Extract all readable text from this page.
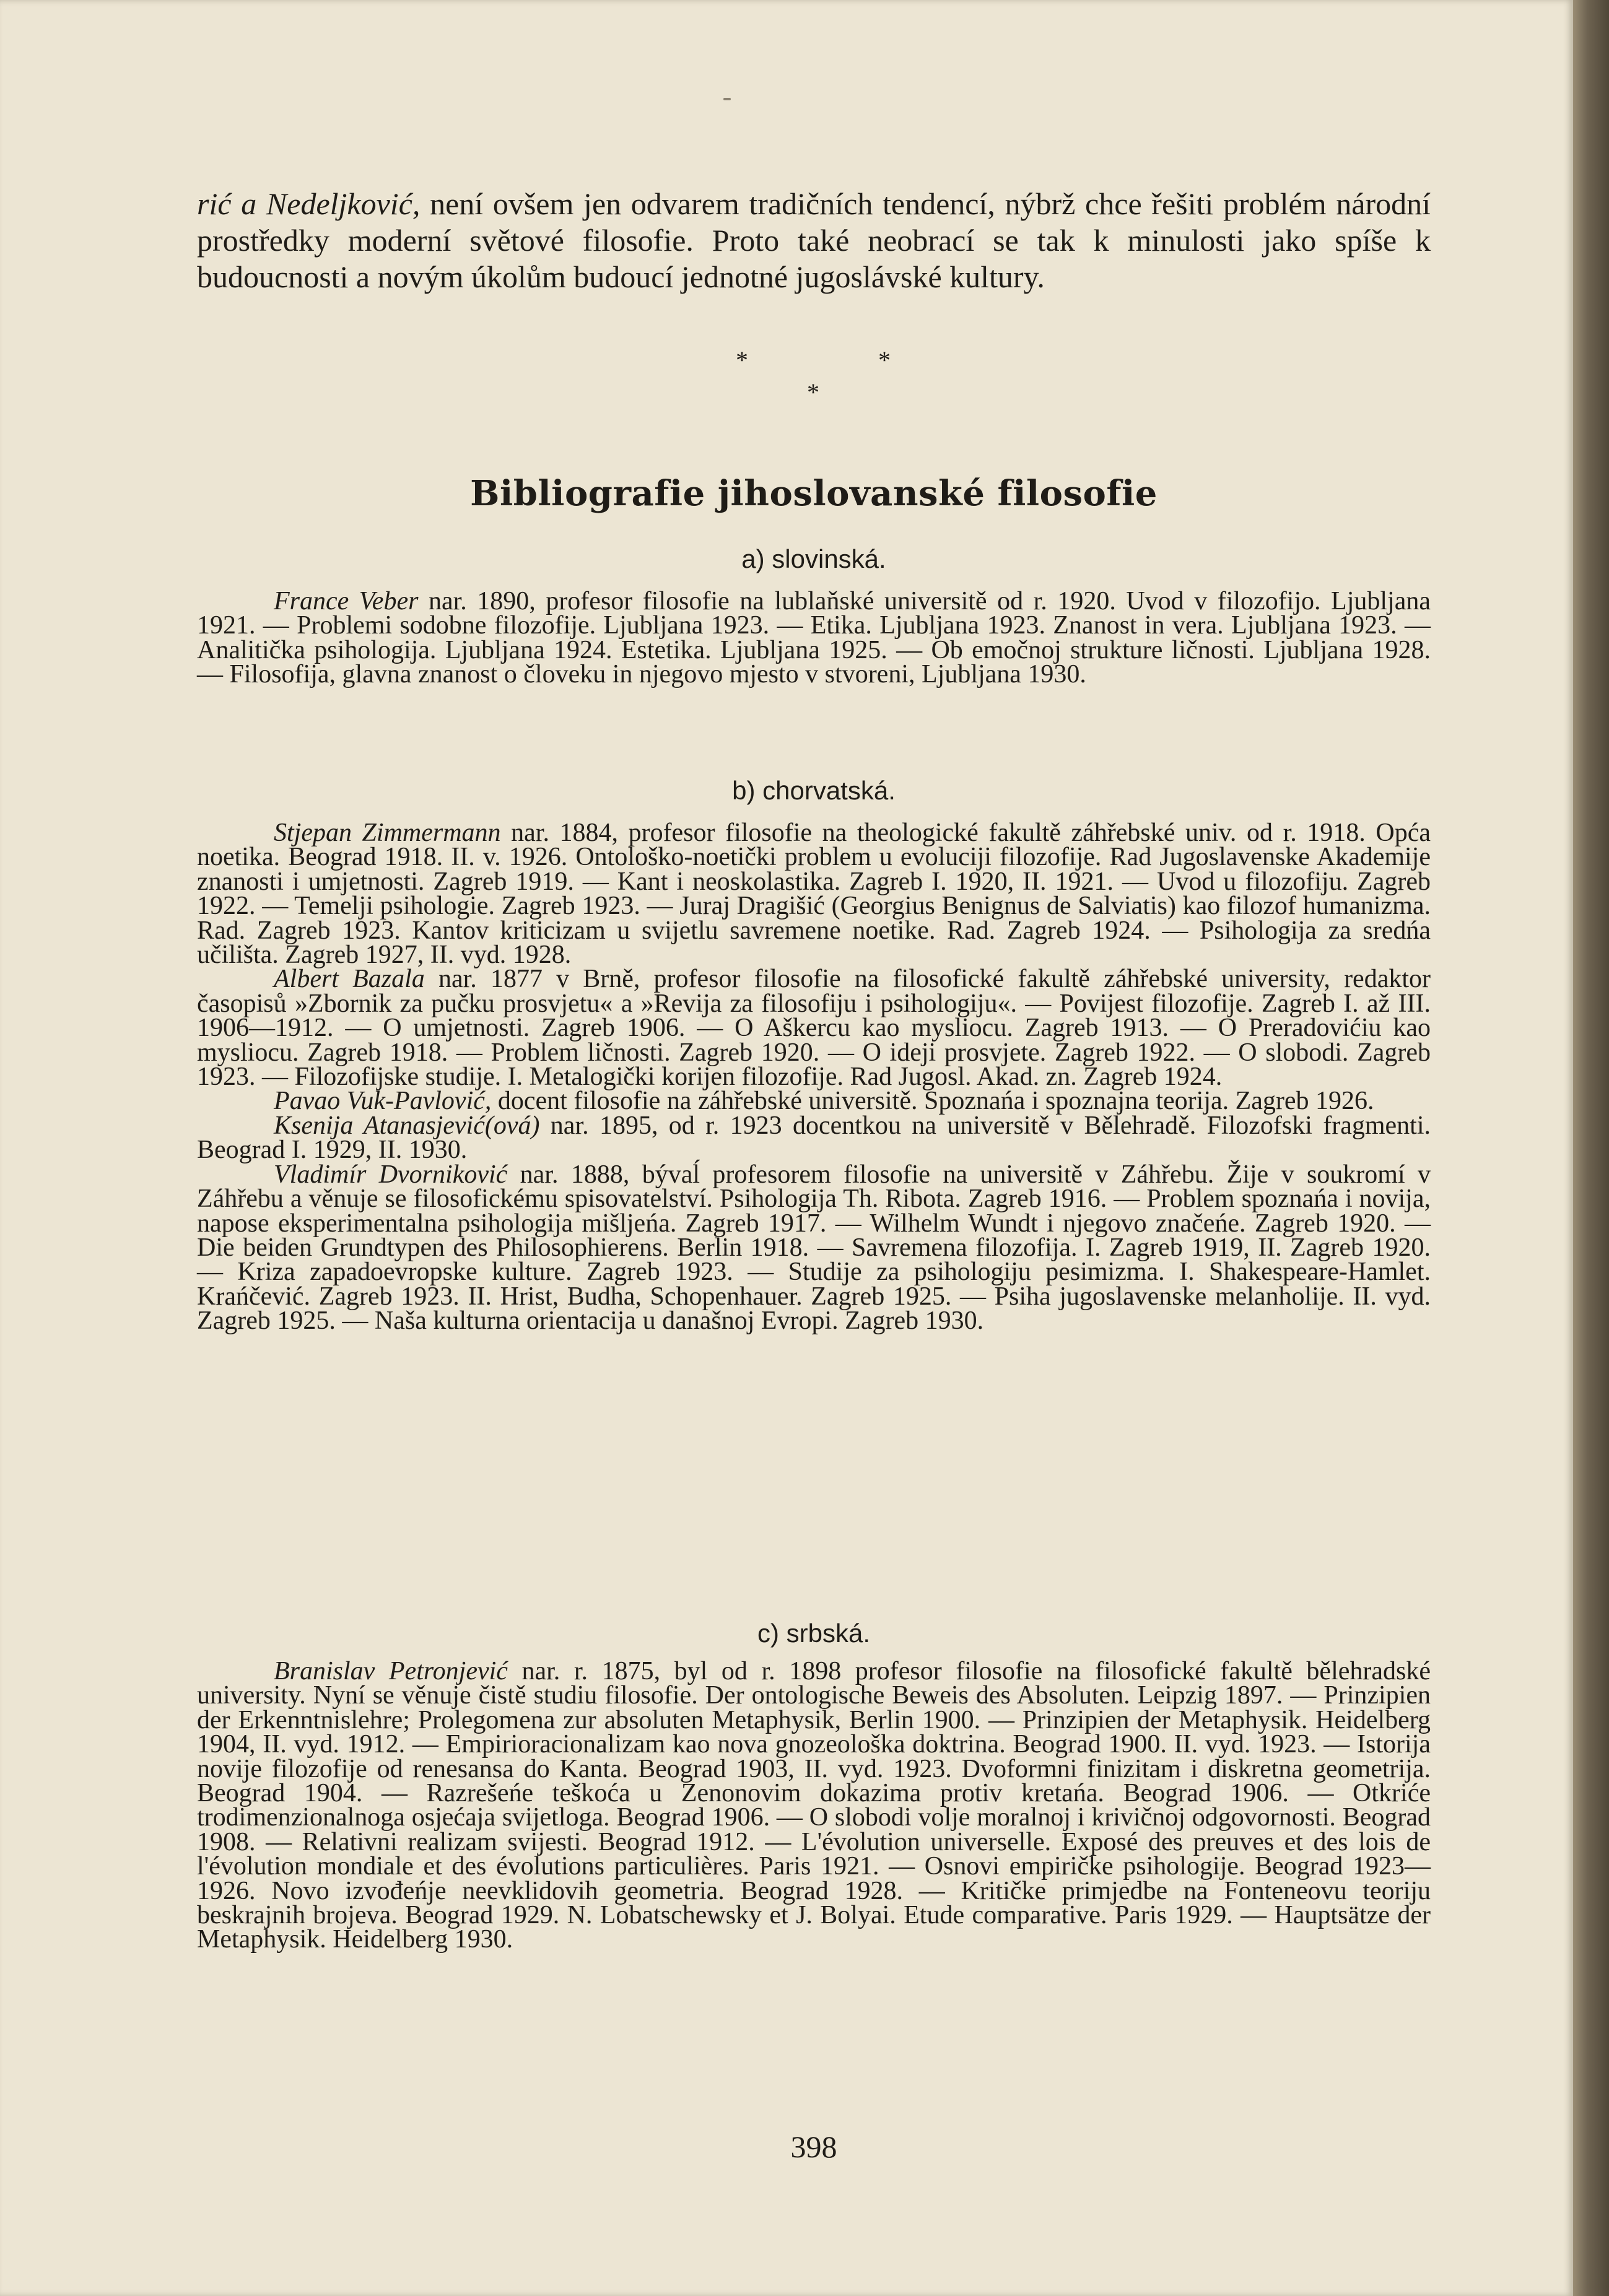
rić a Nedeljković, není ovšem jen odvarem tradičních tendencí, nýbrž chce řešiti problém národní prostředky moderní světové filosofie. Proto také neobrací se tak k minulosti jako spíše k budoucnosti a novým úkolům budoucí jednotné jugoslávské kultury.

*	*
*
Bibliografie jihoslovanské filosofie
a) slovinská.

France Veber nar. 1890, profesor filosofie na lublaňské universitě od r. 1920. Uvod v filozofijo. Ljubljana 1921. — Problemi sodobne filozofije. Ljubljana 1923. — Etika. Ljubljana 1923. Znanost in vera. Ljubljana 1923. — Analitička psihologija. Ljubljana 1924. Estetika. Ljubljana 1925. — Ob emočnoj strukture ličnosti. Ljubljana 1928. — Filosofija, glavna znanost o človeku in njegovo mjesto v stvoreni, Ljubljana 1930.

b) chorvatská.

Stjepan Zimmermann nar. 1884, profesor filosofie na theologické fakultě záhřebské univ. od r. 1918. Opća noetika. Beograd 1918. II. v. 1926. Ontološko-noetički problem u evoluciji filozofije. Rad Jugoslavenske Akademije znanosti i umjetnosti. Zagreb 1919. — Kant i neoskolastika. Zagreb I. 1920, II. 1921. — Uvod u filozofiju. Zagreb 1922. — Temelji psihologie. Zagreb 1923. — Juraj Dragišić (Georgius Benignus de Salviatis) kao filozof humanizma. Rad. Zagreb 1923. Kantov kriticizam u svijetlu savremene noetike. Rad. Zagreb 1924. — Psihologija za sredńa učilišta. Zagreb 1927, II. vyd. 1928.

Albert Bazala nar. 1877 v Brně, profesor filosofie na filosofické fakultě záhřebské university, redaktor časopisů »Zbornik za pučku prosvjetu« a »Revija za filosofiju i psihologiju«. — Povijest filozofije. Zagreb I. až III. 1906—1912. — O umjetnosti. Zagreb 1906. — O Aškercu kao mysliocu. Zagreb 1913. — O Preradovićiu kao mysliocu. Zagreb 1918. — Problem ličnosti. Zagreb 1920. — O ideji prosvjete. Zagreb 1922. — O slobodi. Zagreb 1923. — Filozofijske studije. I. Metalogički korijen filozofije. Rad Jugosl. Akad. zn. Zagreb 1924.

Pavao Vuk-Pavlović, docent filosofie na záhřebské universitě. Spoznańa i spoznajna teorija. Zagreb 1926.

Ksenija Atanasjević(ová) nar. 1895, od r. 1923 docentkou na universitě v Bělehradě. Filozofski fragmenti. Beograd I. 1929, II. 1930.

Vladimír Dvorniković nar. 1888, bývaĺ profesorem filosofie na universitě v Záhřebu. Žije v soukromí v Záhřebu a věnuje se filosofickému spisovatelství. Psihologija Th. Ribota. Zagreb 1916. — Problem spoznańa i novija, napose eksperimentalna psihologija mišljeńa. Zagreb 1917. — Wilhelm Wundt i njegovo značeńe. Zagreb 1920. — Die beiden Grundtypen des Philosophierens. Berlin 1918. — Savremena filozofija. I. Zagreb 1919, II. Zagreb 1920. — Kriza zapadoevropske kulture. Zagreb 1923. — Studije za psihologiju pesimizma. I. Shakespeare-Hamlet. Krańčević. Zagreb 1923. II. Hrist, Budha, Schopenhauer. Zagreb 1925. — Psiha jugoslavenske melanholije. II. vyd. Zagreb 1925. — Naša kulturna orientacija u današnoj Evropi. Zagreb 1930.

c) srbská.

Branislav Petronjević nar. r. 1875, byl od r. 1898 profesor filosofie na filosofické fakultě bělehradské university. Nyní se věnuje čistě studiu filosofie. Der ontologische Beweis des Absoluten. Leipzig 1897. — Prinzipien der Erkenntnislehre; Prolegomena zur absoluten Metaphysik, Berlin 1900. — Prinzipien der Metaphysik. Heidelberg 1904, II. vyd. 1912. — Empirioracionalizam kao nova gnozeološka doktrina. Beograd 1900. II. vyd. 1923. — Istorija novije filozofije od renesansa do Kanta. Beograd 1903, II. vyd. 1923. Dvoformni finizitam i diskretna geometrija. Beograd 1904. — Razrešeńe teškoća u Zenonovim dokazima protiv kretańa. Beograd 1906. — Otkriće trodimenzionalnoga osjećaja svijetloga. Beograd 1906. — O slobodi volje moralnoj i krivičnoj odgovornosti. Beograd 1908. — Relativni realizam svijesti. Beograd 1912. — L'évolution universelle. Exposé des preuves et des lois de l'évolution mondiale et des évolutions particulières. Paris 1921. — Osnovi empiričke psihologije. Beograd 1923—1926. Novo izvođeńje neevklidovih geometria. Beograd 1928. — Kritičke primjedbe na Fonteneovu teoriju beskrajnih brojeva. Beograd 1929. N. Lobatschewsky et J. Bolyai. Etude comparative. Paris 1929. — Hauptsätze der Metaphysik. Heidelberg 1930.

398
